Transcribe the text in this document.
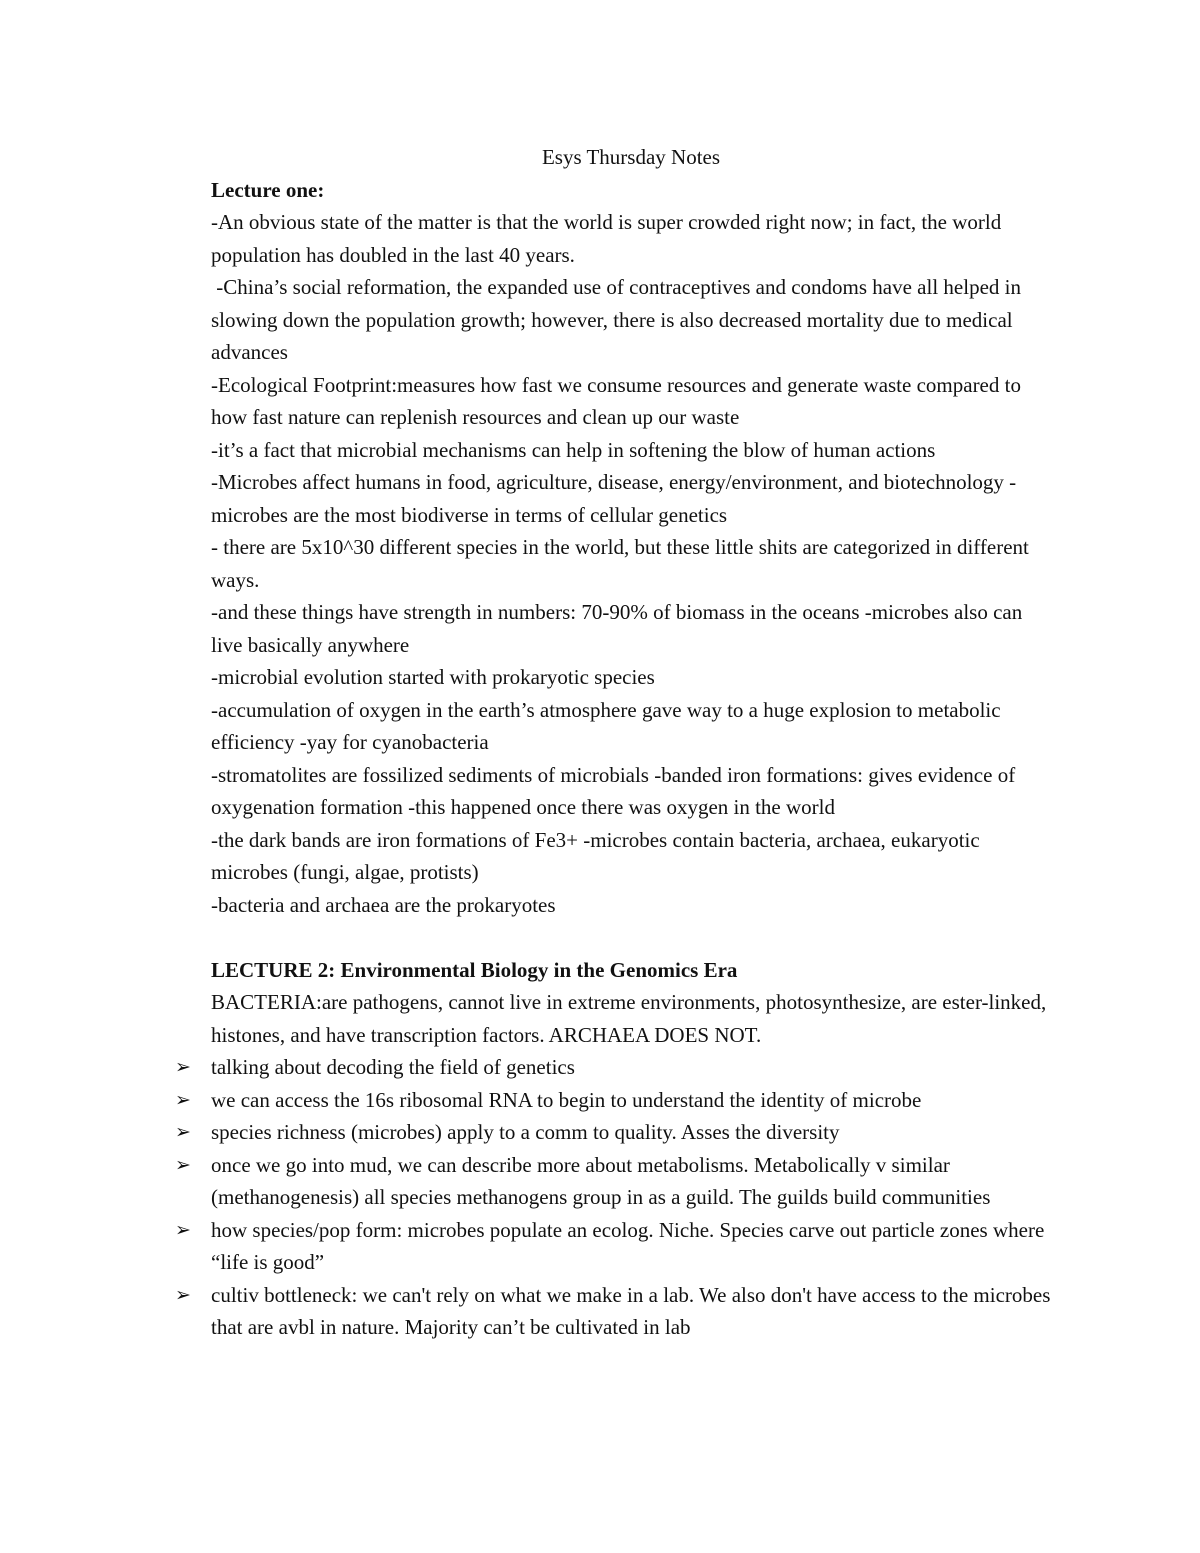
Esys Thursday Notes

Lecture one:

-An obvious state of the matter is that the world is super crowded right now; in fact, the world population has doubled in the last 40 years.

-China’s social reformation, the expanded use of contraceptives and condoms have all helped in slowing down the population growth; however, there is also decreased mortality due to medical advances

-Ecological Footprint:measures how fast we consume resources and generate waste compared to how fast nature can replenish resources and clean up our waste

-it’s a fact that microbial mechanisms can help in softening the blow of human actions

-Microbes affect humans in food, agriculture, disease, energy/environment, and biotechnology -microbes are the most biodiverse in terms of cellular genetics

- there are 5x10^30 different species in the world, but these little shits are categorized in different ways.

-and these things have strength in numbers: 70-90% of biomass in the oceans -microbes also can live basically anywhere

-microbial evolution started with prokaryotic species

-accumulation of oxygen in the earth’s atmosphere gave way to a huge explosion to metabolic efficiency -yay for cyanobacteria

-stromatolites are fossilized sediments of microbials -banded iron formations: gives evidence of oxygenation formation -this happened once there was oxygen in the world

-the dark bands are iron formations of Fe3+ -microbes contain bacteria, archaea, eukaryotic microbes (fungi, algae, protists)

-bacteria and archaea are the prokaryotes

LECTURE 2: Environmental Biology in the Genomics Era

BACTERIA:are pathogens, cannot live in extreme environments, photosynthesize, are ester-linked, histones, and have transcription factors. ARCHAEA DOES NOT.

➢ talking about decoding the field of genetics
➢ we can access the 16s ribosomal RNA to begin to understand the identity of microbe
➢ species richness (microbes) apply to a comm to quality. Asses the diversity
➢ once we go into mud, we can describe more about metabolisms. Metabolically v similar (methanogenesis) all species methanogens group in as a guild. The guilds build communities
➢ how species/pop form: microbes populate an ecolog. Niche. Species carve out particle zones where “life is good”
➢ cultiv bottleneck: we can't rely on what we make in a lab. We also don't have access to the microbes that are avbl in nature. Majority can’t be cultivated in lab
